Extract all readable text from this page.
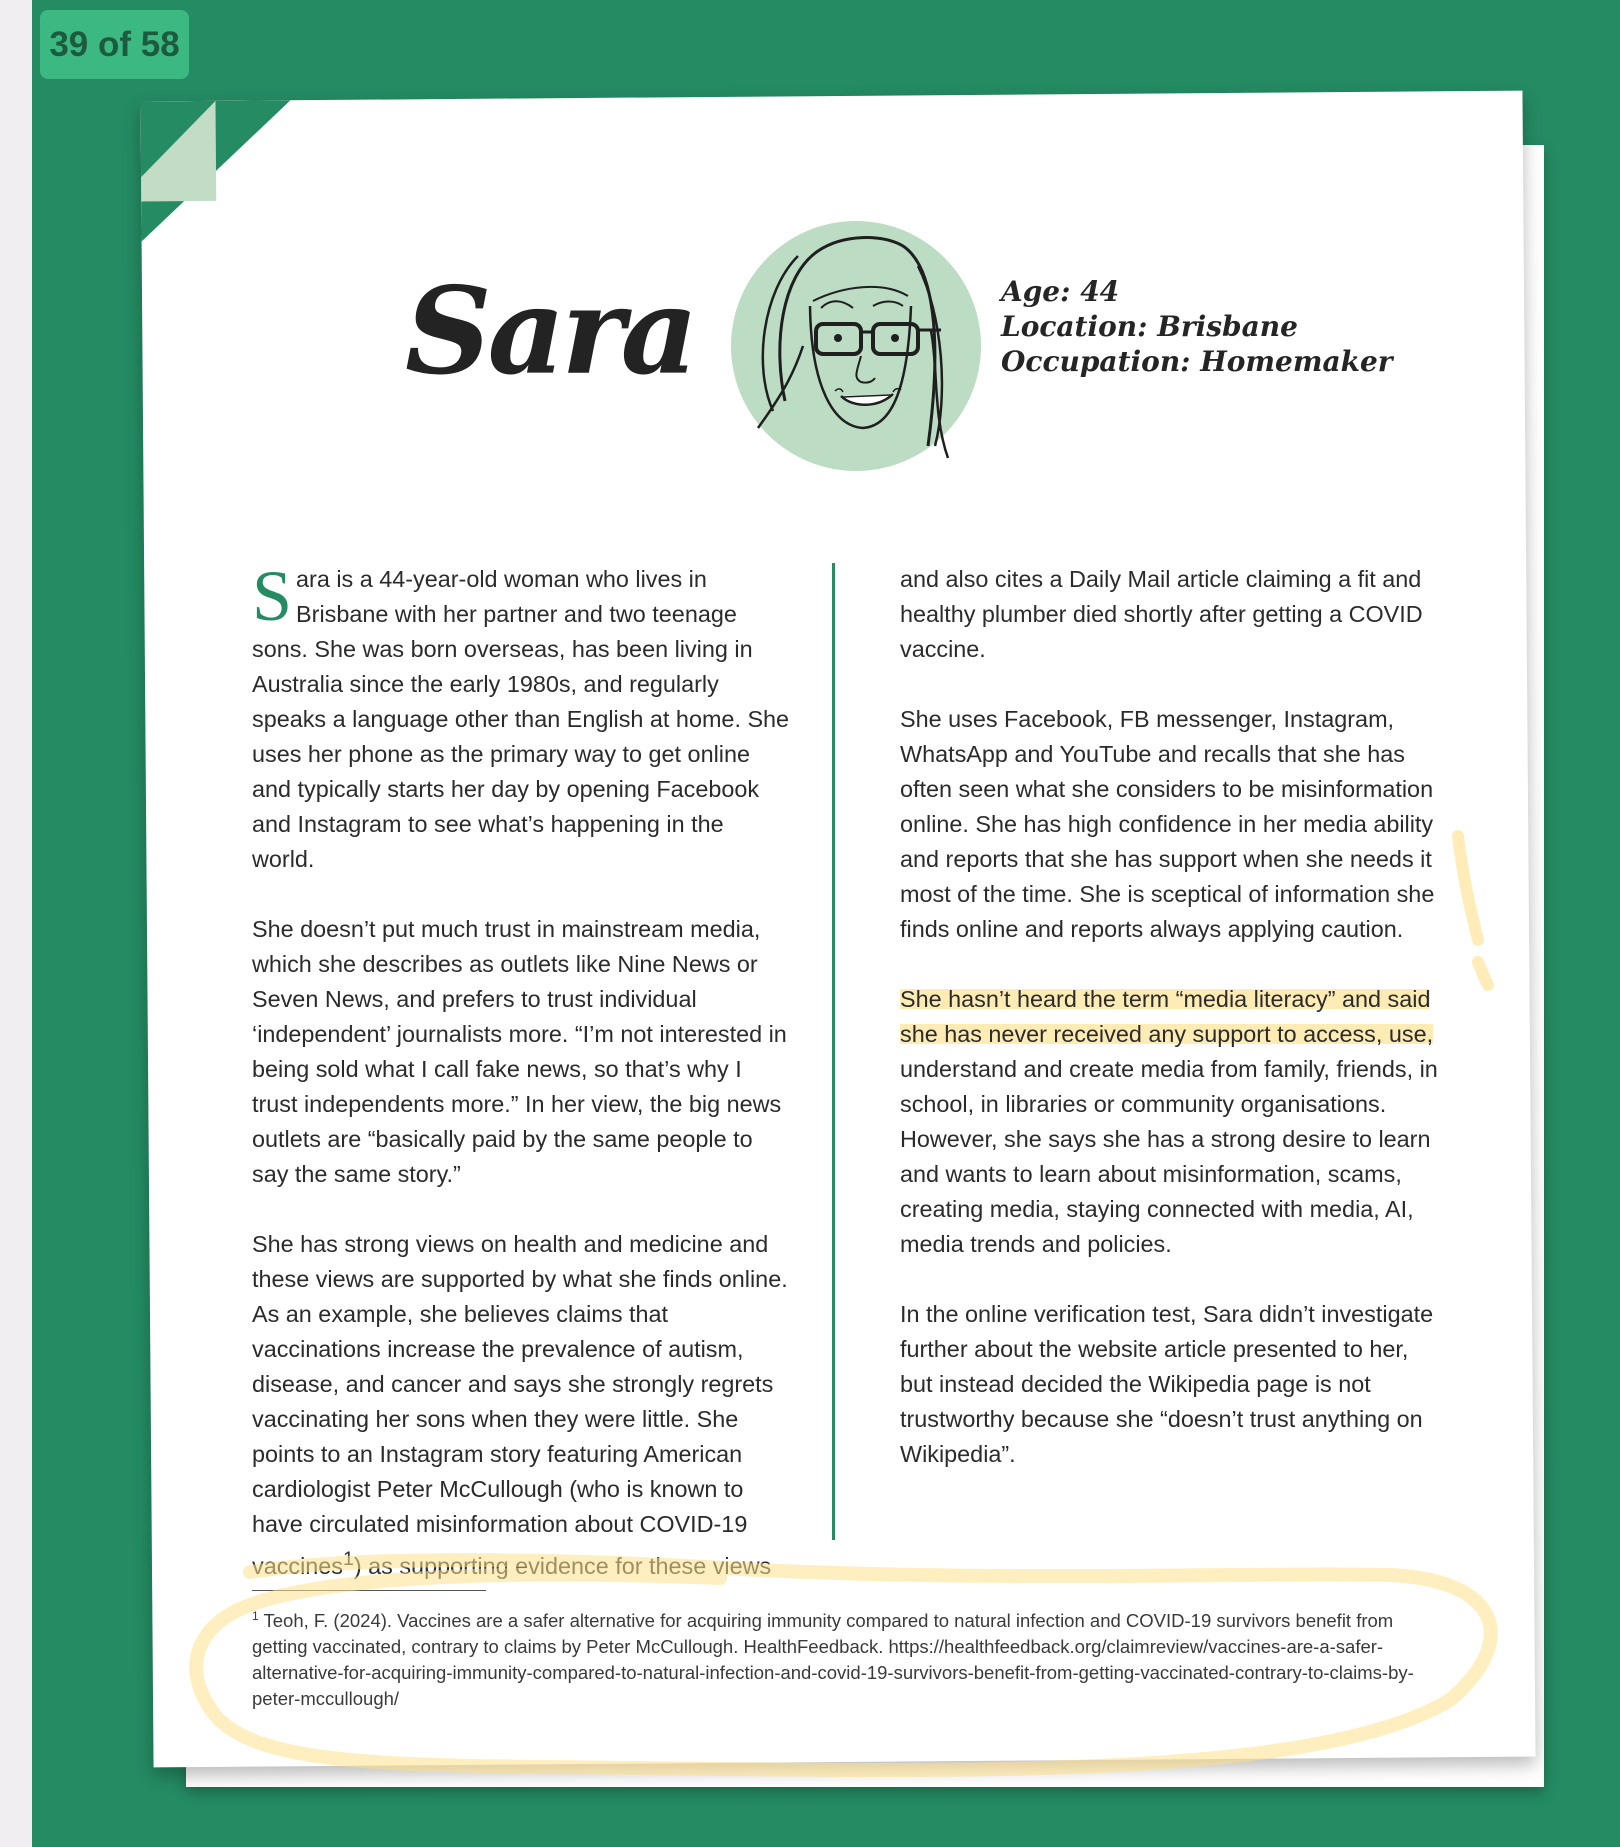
39 of 58
Sara	Age: 44
Location: Brisbane
Occupation: Homemaker

Sara is a 44-year-old woman who lives in Brisbane with her partner and two teenage sons. She was born overseas, has been living in Australia since the early 1980s, and regularly speaks a language other than English at home. She uses her phone as the primary way to get online and typically starts her day by opening Facebook and Instagram to see what’s happening in the world.

She doesn’t put much trust in mainstream media, which she describes as outlets like Nine News or Seven News, and prefers to trust individual ‘independent’ journalists more. “I’m not interested in being sold what I call fake news, so that’s why I trust independents more.” In her view, the big news outlets are “basically paid by the same people to say the same story.”

She has strong views on health and medicine and these views are supported by what she finds online. As an example, she believes claims that vaccinations increase the prevalence of autism, disease, and cancer and says she strongly regrets vaccinating her sons when they were little. She points to an Instagram story featuring American cardiologist Peter McCullough (who is known to have circulated misinformation about COVID-19 vaccines$^1$) as supporting evidence for these views

and also cites a Daily Mail article claiming a fit and healthy plumber died shortly after getting a COVID vaccine.

She uses Facebook, FB messenger, Instagram, WhatsApp and YouTube and recalls that she has often seen what she considers to be misinformation online. She has high confidence in her media ability and reports that she has support when she needs it most of the time. She is sceptical of information she finds online and reports always applying caution.

She hasn’t heard the term “media literacy” and said she has never received any support to access, use, understand and create media from family, friends, in school, in libraries or community organisations. However, she says she has a strong desire to learn and wants to learn about misinformation, scams, creating media, staying connected with media, AI, media trends and policies.

In the online verification test, Sara didn’t investigate further about the website article presented to her, but instead decided the Wikipedia page is not trustworthy because she “doesn’t trust anything on Wikipedia”.

$^1$ Teoh, F. (2024). Vaccines are a safer alternative for acquiring immunity compared to natural infection and COVID-19 survivors benefit from getting vaccinated, contrary to claims by Peter McCullough. HealthFeedback. https://healthfeedback.org/claimreview/vaccines-are-a-safer-alternative-for-acquiring-immunity-compared-to-natural-infection-and-covid-19-survivors-benefit-from-getting-vaccinated-contrary-to-claims-by-peter-mccullough/
